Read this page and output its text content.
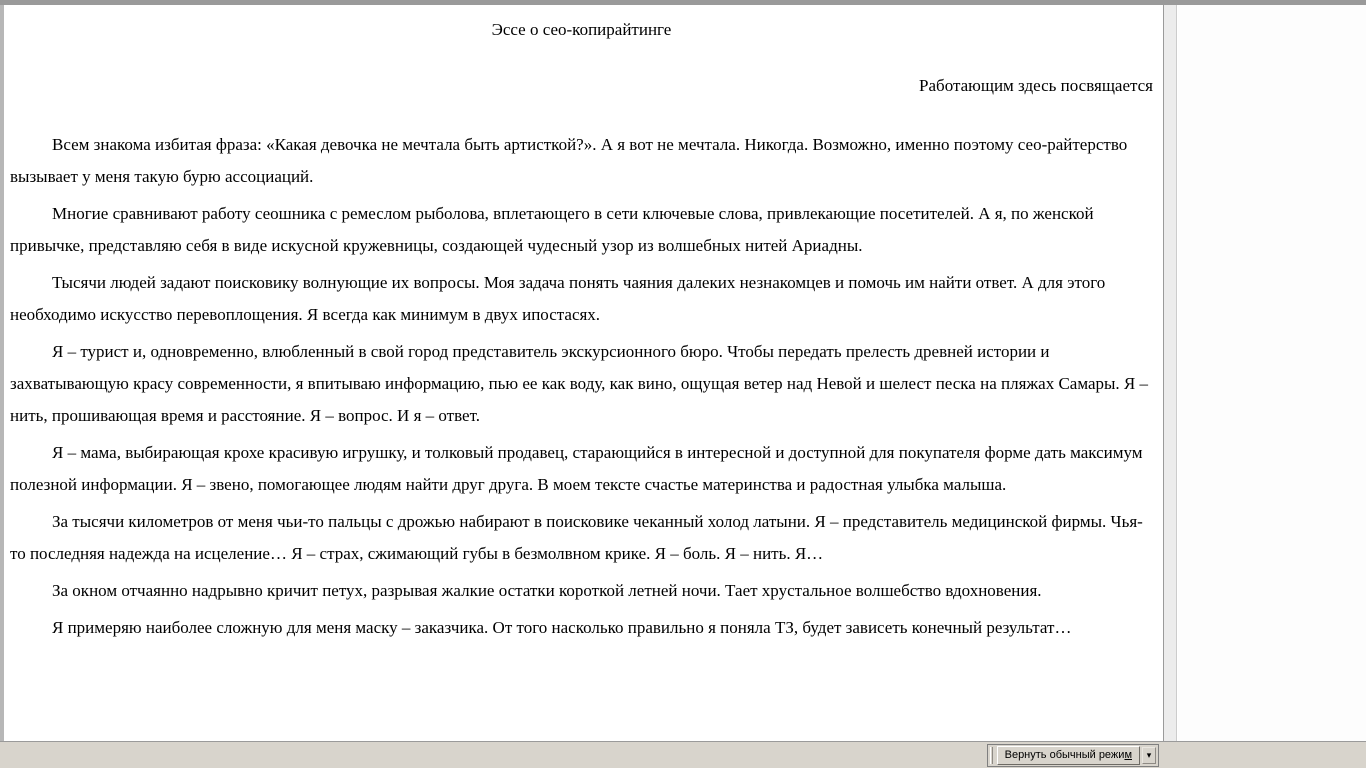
Эссе о сео-копирайтинге
Работающим здесь посвящается

Всем знакома избитая фраза: «Какая девочка не мечтала быть артисткой?». А я вот не мечтала. Никогда. Возможно, именно поэтому сео-райтерство вызывает у меня такую бурю ассоциаций.

Многие сравнивают работу сеошника с ремеслом рыболова, вплетающего в сети ключевые слова, привлекающие посетителей. А я, по женской привычке, представляю себя в виде искусной кружевницы, создающей чудесный узор из волшебных нитей Ариадны.

Тысячи людей задают поисковику волнующие их вопросы. Моя задача понять чаяния далеких незнакомцев и помочь им найти ответ. А для этого необходимо искусство перевоплощения. Я всегда как минимум в двух ипостасях.

Я – турист и, одновременно, влюбленный в свой город представитель экскурсионного бюро. Чтобы передать прелесть древней истории и захватывающую красу современности, я впитываю информацию, пью ее как воду, как вино, ощущая ветер над Невой и шелест песка на пляжах Самары. Я – нить, прошивающая время и расстояние. Я – вопрос. И я – ответ.

Я – мама, выбирающая крохе красивую игрушку, и толковый продавец, старающийся в интересной и доступной для покупателя форме дать максимум полезной информации. Я – звено, помогающее людям найти друг друга. В моем тексте счастье материнства и радостная улыбка малыша.

За тысячи километров от меня чьи-то пальцы с дрожью набирают в поисковике чеканный холод латыни. Я – представитель медицинской фирмы. Чья-то последняя надежда на исцеление… Я – страх, сжимающий губы в безмолвном крике. Я – боль. Я – нить. Я…

За окном отчаянно надрывно кричит петух, разрывая жалкие остатки короткой летней ночи. Тает хрустальное волшебство вдохновения.

Я примеряю наиболее сложную для меня маску – заказчика. От того насколько правильно я поняла ТЗ, будет зависеть конечный результат…

Вернуть обычный режим	▾
